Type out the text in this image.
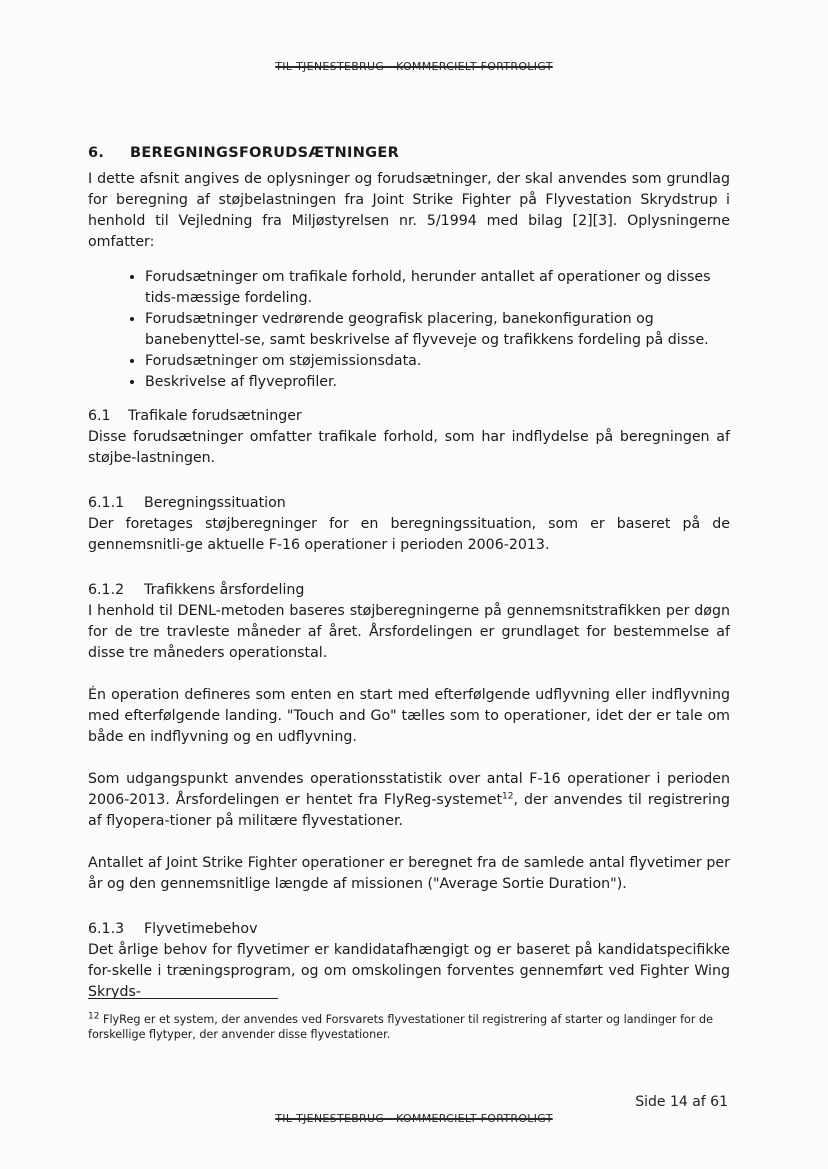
TIL TJENESTEBRUG - KOMMERCIELT FORTROLIGT
6. BEREGNINGSFORUDSÆTNINGER

I dette afsnit angives de oplysninger og forudsætninger, der skal anvendes som grundlag for beregning af støjbelastningen fra Joint Strike Fighter på Flyvestation Skrydstrup i henhold til Vejledning fra Miljøstyrelsen nr. 5/1994 med bilag [2][3]. Oplysningerne omfatter:

• Forudsætninger om trafikale forhold, herunder antallet af operationer og disses tids-mæssige fordeling.
• Forudsætninger vedrørende geografisk placering, banekonfiguration og banebenyttel-se, samt beskrivelse af flyveveje og trafikkens fordeling på disse.
• Forudsætninger om støjemissionsdata.
• Beskrivelse af flyveprofiler.
6.1 Trafikale forudsætninger

Disse forudsætninger omfatter trafikale forhold, som har indflydelse på beregningen af støjbe-lastningen.

6.1.1 Beregningssituation

Der foretages støjberegninger for en beregningssituation, som er baseret på de gennemsnitli-ge aktuelle F-16 operationer i perioden 2006-2013.

6.1.2 Trafikkens årsfordeling

I henhold til DENL-metoden baseres støjberegningerne på gennemsnitstrafikken per døgn for de tre travleste måneder af året. Årsfordelingen er grundlaget for bestemmelse af disse tre måneders operationstal.

Én operation defineres som enten en start med efterfølgende udflyvning eller indflyvning med efterfølgende landing. "Touch and Go" tælles som to operationer, idet der er tale om både en indflyvning og en udflyvning.

Som udgangspunkt anvendes operationsstatistik over antal F-16 operationer i perioden 2006-2013. Årsfordelingen er hentet fra FlyReg-systemet$^{12}$, der anvendes til registrering af flyopera-tioner på militære flyvestationer.

Antallet af Joint Strike Fighter operationer er beregnet fra de samlede antal flyvetimer per år og den gennemsnitlige længde af missionen ("Average Sortie Duration").

6.1.3 Flyvetimebehov

Det årlige behov for flyvetimer er kandidatafhængigt og er baseret på kandidatspecifikke for-skelle i træningsprogram, og om omskolingen forventes gennemført ved Fighter Wing Skryds-

$^{12}$ FlyReg er et system, der anvendes ved Forsvarets flyvestationer til registrering af starter og landinger for de forskellige flytyper, der anvender disse flyvestationer.
Side 14 af 61
TIL TJENESTEBRUG - KOMMERCIELT FORTROLIGT
